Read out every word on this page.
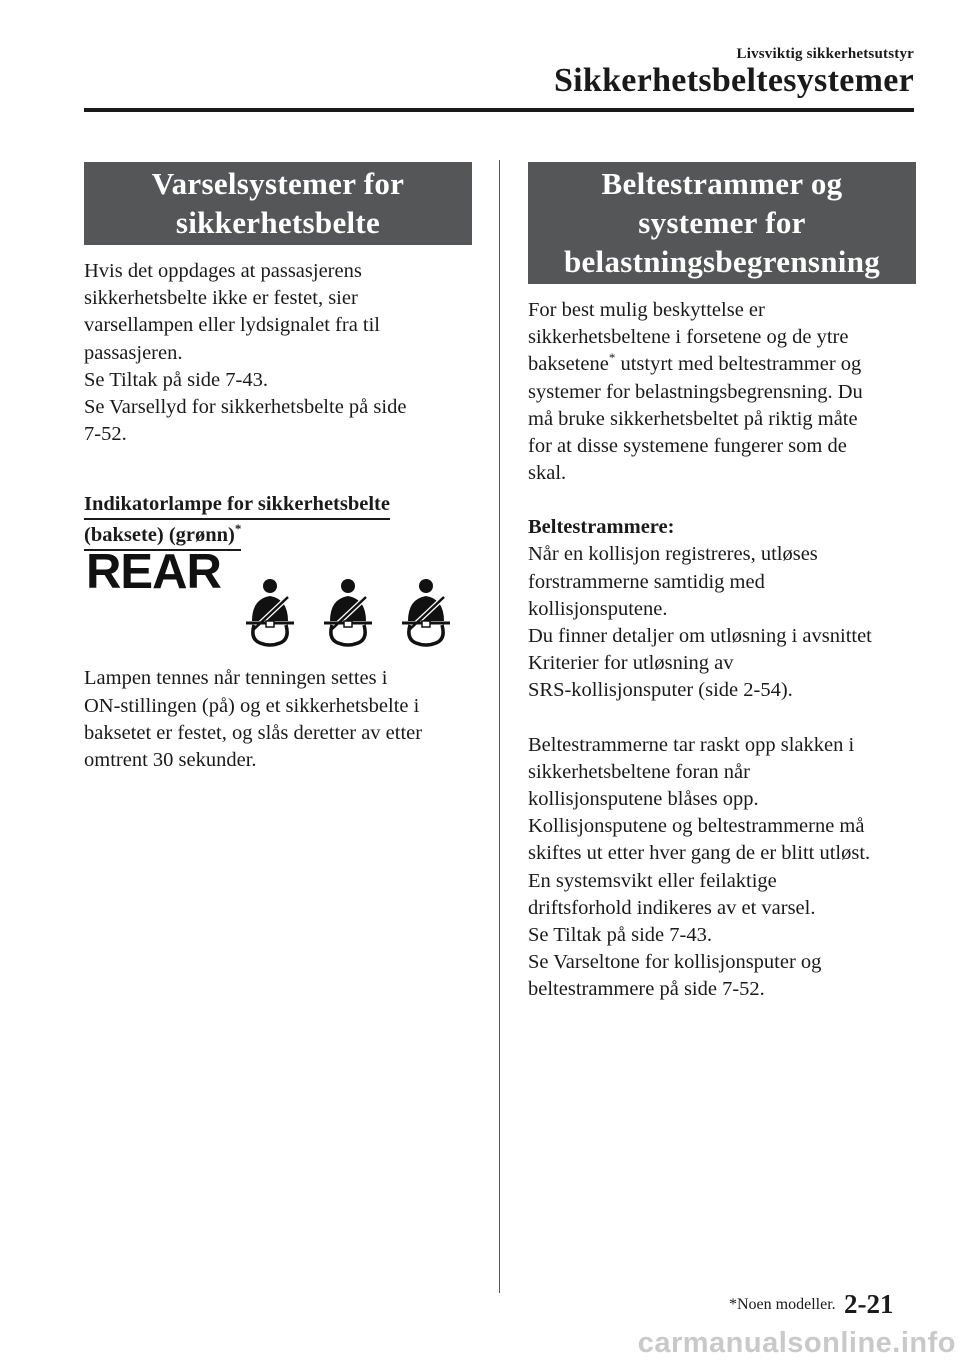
Livsviktig sikkerhetsutstyr
Sikkerhetsbeltesystemer
Varselsystemer for
sikkerhetsbelte

Hvis det oppdages at passasjerens

sikkerhetsbelte ikke er festet, sier

varsellampen eller lydsignalet fra til

passasjeren.

Se Tiltak på side 7-43.

Se Varsellyd for sikkerhetsbelte på side

7-52.

Indikatorlampe for sikkerhetsbelte
(baksete) (grønn)*
REAR

Lampen tennes når tenningen settes i

ON-stillingen (på) og et sikkerhetsbelte i

baksetet er festet, og slås deretter av etter

omtrent 30 sekunder.

Beltestrammer og
systemer for
belastningsbegrensning

For best mulig beskyttelse er

sikkerhetsbeltene i forsetene og de ytre

baksetene* utstyrt med beltestrammer og

systemer for belastningsbegrensning. Du

må bruke sikkerhetsbeltet på riktig måte

for at disse systemene fungerer som de

skal.

Beltestrammere:

Når en kollisjon registreres, utløses

forstrammerne samtidig med

kollisjonsputene.

Du finner detaljer om utløsning i avsnittet

Kriterier for utløsning av

SRS-kollisjonsputer (side 2-54).

Beltestrammerne tar raskt opp slakken i

sikkerhetsbeltene foran når

kollisjonsputene blåses opp.

Kollisjonsputene og beltestrammerne må

skiftes ut etter hver gang de er blitt utløst.

En systemsvikt eller feilaktige

driftsforhold indikeres av et varsel.

Se Tiltak på side 7-43.

Se Varseltone for kollisjonsputer og

beltestrammere på side 7-52.

*Noen modeller. 2-21
carmanualsonline.info
